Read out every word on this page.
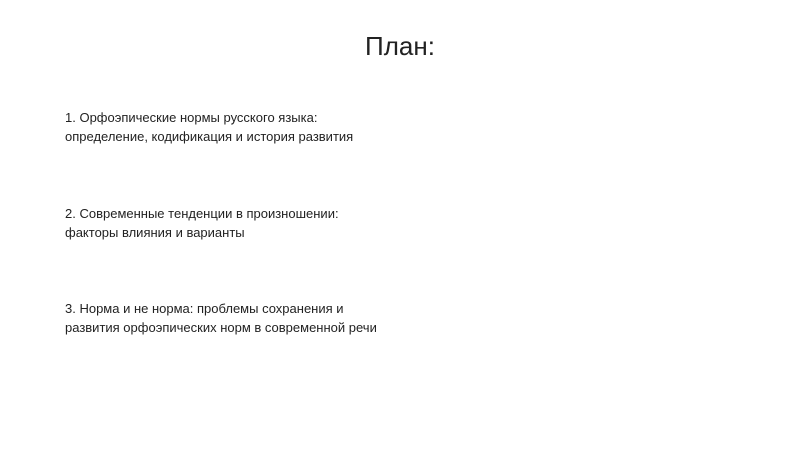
План:
1. Орфоэпические нормы русского языка:
определение, кодификация и история развития
2. Современные тенденции в произношении:
факторы влияния и варианты
3. Норма и не норма: проблемы сохранения и
развития орфоэпических норм в современной речи
